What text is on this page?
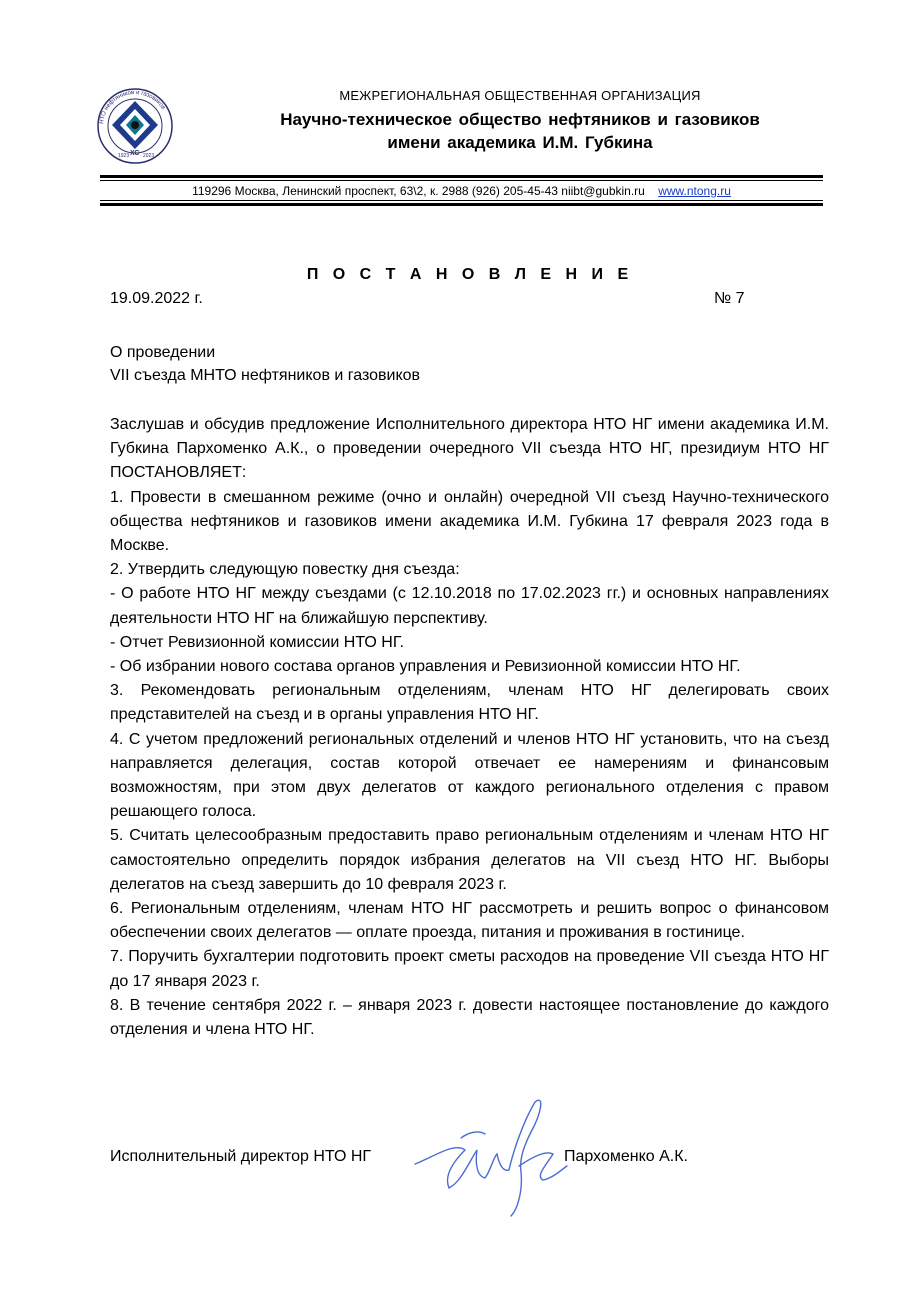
НТО нефтяников и газовиков
1923 ХС 2023
МЕЖРЕГИОНАЛЬНАЯ ОБЩЕСТВЕННАЯ ОРГАНИЗАЦИЯ
Научно-техническое общество нефтяников и газовиков
имени академика И.М. Губкина
119296 Москва, Ленинский проспект, 63\2, к. 2988 (926) 205-45-43 niibt@gubkin.ru www.ntong.ru
П О С Т А Н О В Л Е Н И Е
19.09.2022 г.	№ 7
О проведении
VII съезда МНТО нефтяников и газовиков

Заслушав и обсудив предложение Исполнительного директора НТО НГ имени академика И.М. Губкина Пархоменко А.К., о проведении очередного VII съезда НТО НГ, президиум НТО НГ ПОСТАНОВЛЯЕТ:

1. Провести в смешанном режиме (очно и онлайн) очередной VII съезд Научно-технического общества нефтяников и газовиков имени академика И.М. Губкина 17 февраля 2023 года в Москве.

2. Утвердить следующую повестку дня съезда:

- О работе НТО НГ между съездами (с 12.10.2018 по 17.02.2023 гг.) и основных направлениях деятельности НТО НГ на ближайшую перспективу.

- Отчет Ревизионной комиссии НТО НГ.

- Об избрании нового состава органов управления и Ревизионной комиссии НТО НГ.

3. Рекомендовать региональным отделениям, членам НТО НГ делегировать своих представителей на съезд и в органы управления НТО НГ.

4. С учетом предложений региональных отделений и членов НТО НГ установить, что на съезд направляется делегация, состав которой отвечает ее намерениям и финансовым возможностям, при этом двух делегатов от каждого регионального отделения с правом решающего голоса.

5. Считать целесообразным предоставить право региональным отделениям и членам НТО НГ самостоятельно определить порядок избрания делегатов на VII съезд НТО НГ. Выборы делегатов на съезд завершить до 10 февраля 2023 г.

6. Региональным отделениям, членам НТО НГ рассмотреть и решить вопрос о финансовом обеспечении своих делегатов — оплате проезда, питания и проживания в гостинице.

7. Поручить бухгалтерии подготовить проект сметы расходов на проведение VII съезда НТО НГ до 17 января 2023 г.

8. В течение сентября 2022 г. – января 2023 г. довести настоящее постановление до каждого отделения и члена НТО НГ.

Исполнительный директор НТО НГ	Пархоменко А.К.
